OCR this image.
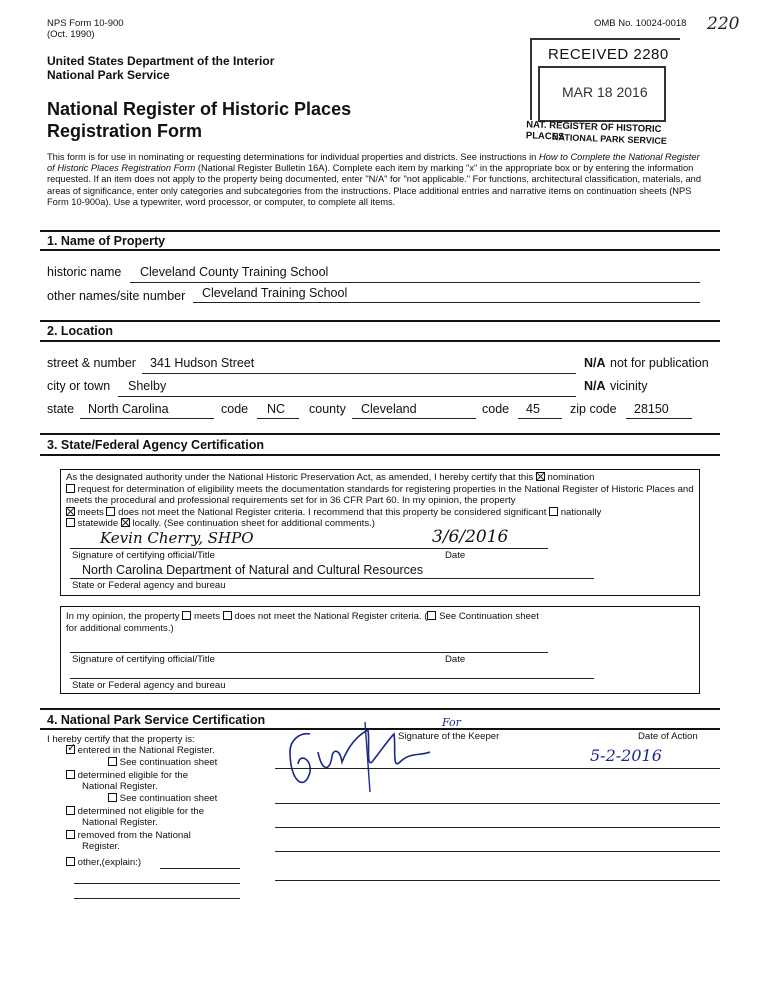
NPS Form 10-900
(Oct. 1990)
OMB No. 10024-0018 220
United States Department of the Interior
National Park Service
National Register of Historic Places
Registration Form
RECEIVED 2280
MAR 18 2016
NAT. REGISTER OF HISTORIC PLACES
NATIONAL PARK SERVICE
This form is for use in nominating or requesting determinations for individual properties and districts. See instructions in How to Complete the National Register of Historic Places Registration Form (National Register Bulletin 16A). Complete each item by marking "x" in the appropriate box or by entering the information requested. If an item does not apply to the property being documented, enter "N/A" for "not applicable." For functions, architectural classification, materials, and areas of significance, enter only categories and subcategories from the instructions. Place additional entries and narrative items on continuation sheets (NPS Form 10-900a). Use a typewriter, word processor, or computer, to complete all items.
1. Name of Property
historic name Cleveland County Training School
other names/site number Cleveland Training School
2. Location
street & number 341 Hudson Street	N/A not for publication
city or town Shelby	N/A vicinity
state North Carolina	code NC county Cleveland	code 45 zip code 28150
3. State/Federal Agency Certification
As the designated authority under the National Historic Preservation Act, as amended, I hereby certify that this nomination
request for determination of eligibility meets the documentation standards for registering properties in the National Register of Historic Places and meets the procedural and professional requirements set for in 36 CFR Part 60. In my opinion, the property
meets does not meet the National Register criteria. I recommend that this property be considered significant nationally
statewide locally. (See continuation sheet for additional comments.)
Kevin Cherry, SHPO	3/6/2016
Signature of certifying official/Title	Date
North Carolina Department of Natural and Cultural Resources
State or Federal agency and bureau
In my opinion, the property meets does not meet the National Register criteria. ( See Continuation sheet
for additional comments.)
Signature of certifying official/Title	Date
State or Federal agency and bureau
4. National Park Service Certification
I hereby certify that the property is:
✓ entered in the National Register.
See continuation sheet
determined eligible for the
National Register.
See continuation sheet
determined not eligible for the
National Register.
removed from the National
Register.
other,(explain:)
For
Signature of the Keeper	Date of Action
5-2-2016
